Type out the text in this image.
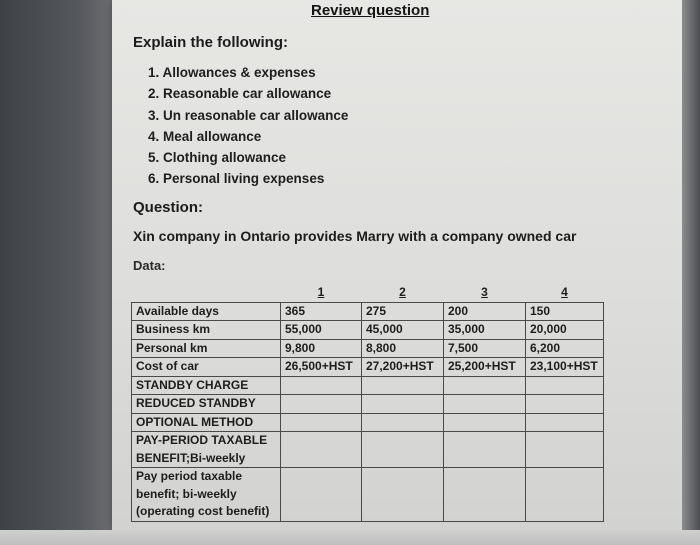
Review question
Explain the following:
1. Allowances & expenses
2. Reasonable car allowance
3. Un reasonable car allowance
4. Meal allowance
5. Clothing allowance
6. Personal living expenses
Question:
Xin company in Ontario provides Marry with a company owned car
Data:
	1	2	3	4
Available days	365	275	200	150
Business km	55,000	45,000	35,000	20,000
Personal km	9,800	8,800	7,500	6,200
Cost of car	26,500+HST	27,200+HST	25,200+HST	23,100+HST
STANDBY CHARGE				
REDUCED STANDBY				
OPTIONAL METHOD				
PAY-PERIOD TAXABLE BENEFIT;Bi-weekly				
Pay period taxable benefit; bi-weekly (operating cost benefit)				
